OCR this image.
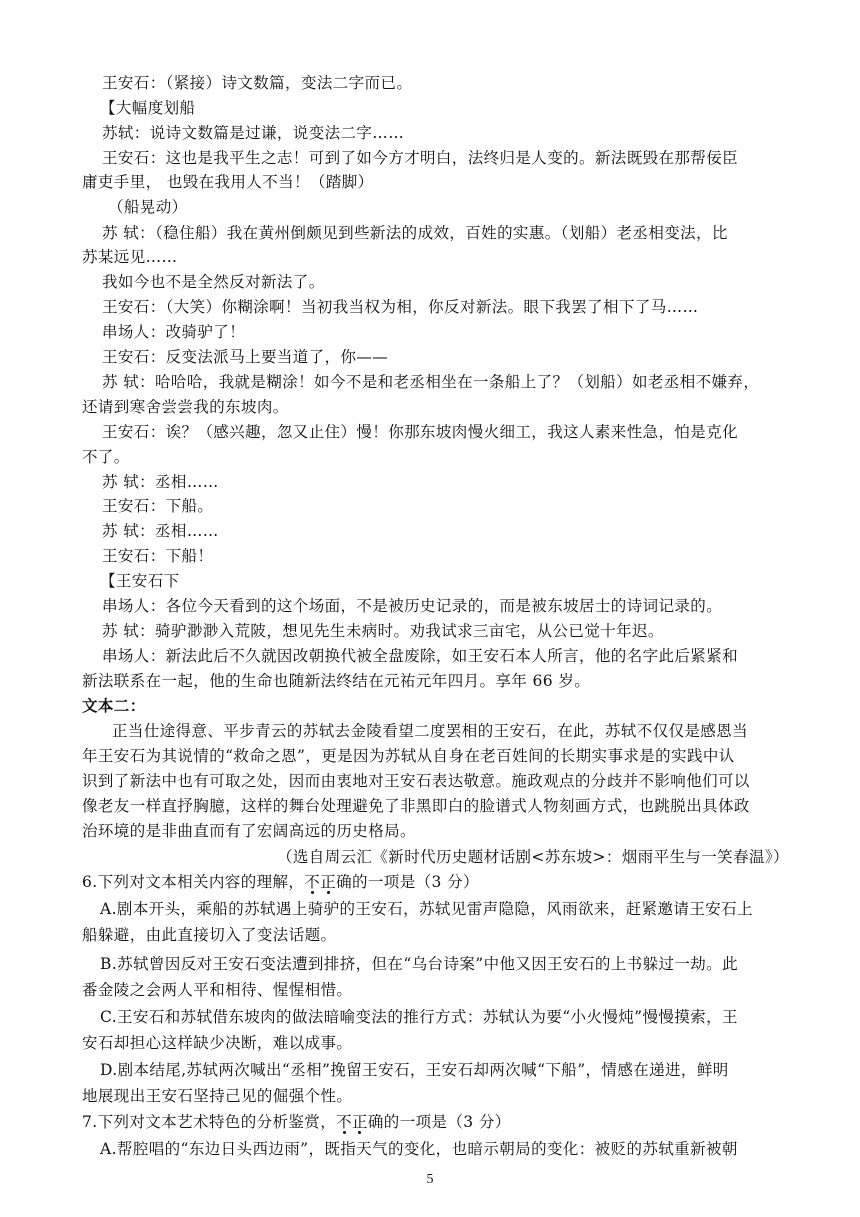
王安石：（紧接）诗文数篇，变法二字而已。
【大幅度划船
苏轼：说诗文数篇是过谦，说变法二字……
王安石：这也是我平生之志！可到了如今方才明白，法终归是人变的。新法既毁在那帮佞臣
庸吏手里， 也毁在我用人不当！（踏脚）
（船晃动）
苏 轼：（稳住船）我在黄州倒颇见到些新法的成效，百姓的实惠。（划船）老丞相变法，比
苏某远见……
我如今也不是全然反对新法了。
王安石：（大笑）你糊涂啊！当初我当权为相，你反对新法。眼下我罢了相下了马……
串场人：改骑驴了！
王安石：反变法派马上要当道了，你——
苏 轼：哈哈哈，我就是糊涂！如今不是和老丞相坐在一条船上了？（划船）如老丞相不嫌弃，
还请到寒舍尝尝我的东坡肉。
王安石：诶？（感兴趣，忽又止住）慢！你那东坡肉慢火细工，我这人素来性急，怕是克化
不了。
苏 轼：丞相……
王安石：下船。
苏 轼：丞相……
王安石：下船！
【王安石下
串场人：各位今天看到的这个场面，不是被历史记录的，而是被东坡居士的诗词记录的。
苏 轼：骑驴渺渺入荒陂，想见先生未病时。劝我试求三亩宅，从公已觉十年迟。
串场人：新法此后不久就因改朝换代被全盘废除，如王安石本人所言，他的名字此后紧紧和
新法联系在一起，他的生命也随新法终结在元祐元年四月。享年 66 岁。
文本二：
正当仕途得意、平步青云的苏轼去金陵看望二度罢相的王安石，在此，苏轼不仅仅是感恩当
年王安石为其说情的“救命之恩”，更是因为苏轼从自身在老百姓间的长期实事求是的实践中认
识到了新法中也有可取之处，因而由衷地对王安石表达敬意。施政观点的分歧并不影响他们可以
像老友一样直抒胸臆，这样的舞台处理避免了非黑即白的脸谱式人物刻画方式，也跳脱出具体政
治环境的是非曲直而有了宏阔高远的历史格局。
（选自周云汇《新时代历史题材话剧<苏东坡>：烟雨平生与一笑春温》）
6.下列对文本相关内容的理解，不正确的一项是（3 分）
A.剧本开头，乘船的苏轼遇上骑驴的王安石，苏轼见雷声隐隐，风雨欲来，赶紧邀请王安石上
船躲避，由此直接切入了变法话题。
B.苏轼曾因反对王安石变法遭到排挤，但在“乌台诗案”中他又因王安石的上书躲过一劫。此
番金陵之会两人平和相待、惺惺相惜。
C.王安石和苏轼借东坡肉的做法暗喻变法的推行方式：苏轼认为要“小火慢炖”慢慢摸索，王
安石却担心这样缺少决断，难以成事。
D.剧本结尾,苏轼两次喊出“丞相”挽留王安石，王安石却两次喊“下船”，情感在递进，鲜明
地展现出王安石坚持己见的倔强个性。
7.下列对文本艺术特色的分析鉴赏，不正确的一项是（3 分）
A.帮腔唱的“东边日头西边雨”，既指天气的变化，也暗示朝局的变化：被贬的苏轼重新被朝
5
